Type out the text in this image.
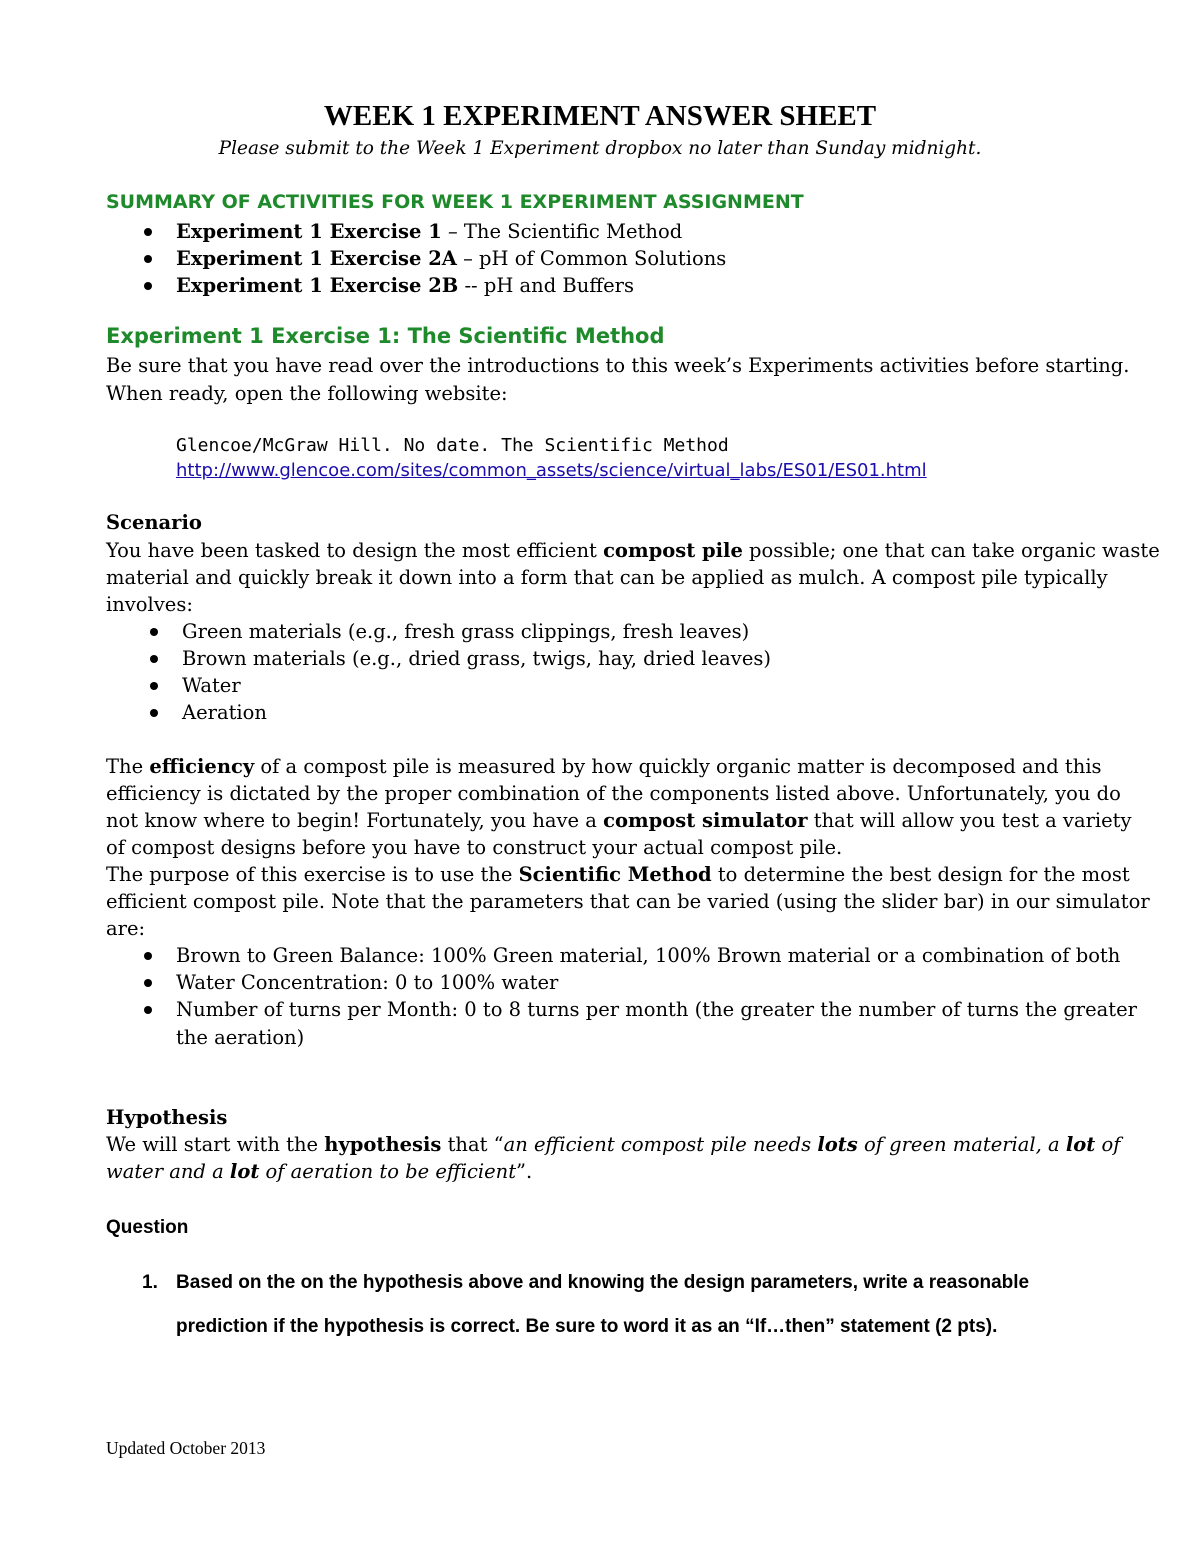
WEEK 1 EXPERIMENT ANSWER SHEET
Please submit to the Week 1 Experiment dropbox no later than Sunday midnight.
SUMMARY OF ACTIVITIES FOR WEEK 1 EXPERIMENT ASSIGNMENT
Experiment 1 Exercise 1 – The Scientific Method
Experiment 1 Exercise 2A – pH of Common Solutions
Experiment 1 Exercise 2B -- pH and Buffers
Experiment 1 Exercise 1: The Scientific Method
Be sure that you have read over the introductions to this week’s Experiments activities before starting.
When ready, open the following website:
Glencoe/McGraw Hill. No date. The Scientific Method
http://www.glencoe.com/sites/common_assets/science/virtual_labs/ES01/ES01.html
Scenario
You have been tasked to design the most efficient compost pile possible; one that can take organic waste
material and quickly break it down into a form that can be applied as mulch. A compost pile typically
involves:
Green materials (e.g., fresh grass clippings, fresh leaves)
Brown materials (e.g., dried grass, twigs, hay, dried leaves)
Water
Aeration
The efficiency of a compost pile is measured by how quickly organic matter is decomposed and this
efficiency is dictated by the proper combination of the components listed above. Unfortunately, you do
not know where to begin! Fortunately, you have a compost simulator that will allow you test a variety
of compost designs before you have to construct your actual compost pile.
The purpose of this exercise is to use the Scientific Method to determine the best design for the most
efficient compost pile. Note that the parameters that can be varied (using the slider bar) in our simulator
are:
Brown to Green Balance: 100% Green material, 100% Brown material or a combination of both
Water Concentration: 0 to 100% water
Number of turns per Month: 0 to 8 turns per month (the greater the number of turns the greater
the aeration)
Hypothesis
We will start with the hypothesis that “an efficient compost pile needs lots of green material, a lot of
water and a lot of aeration to be efficient”.
Question
1. Based on the on the hypothesis above and knowing the design parameters, write a reasonable
prediction if the hypothesis is correct. Be sure to word it as an “If…then” statement (2 pts).
Updated October 2013
